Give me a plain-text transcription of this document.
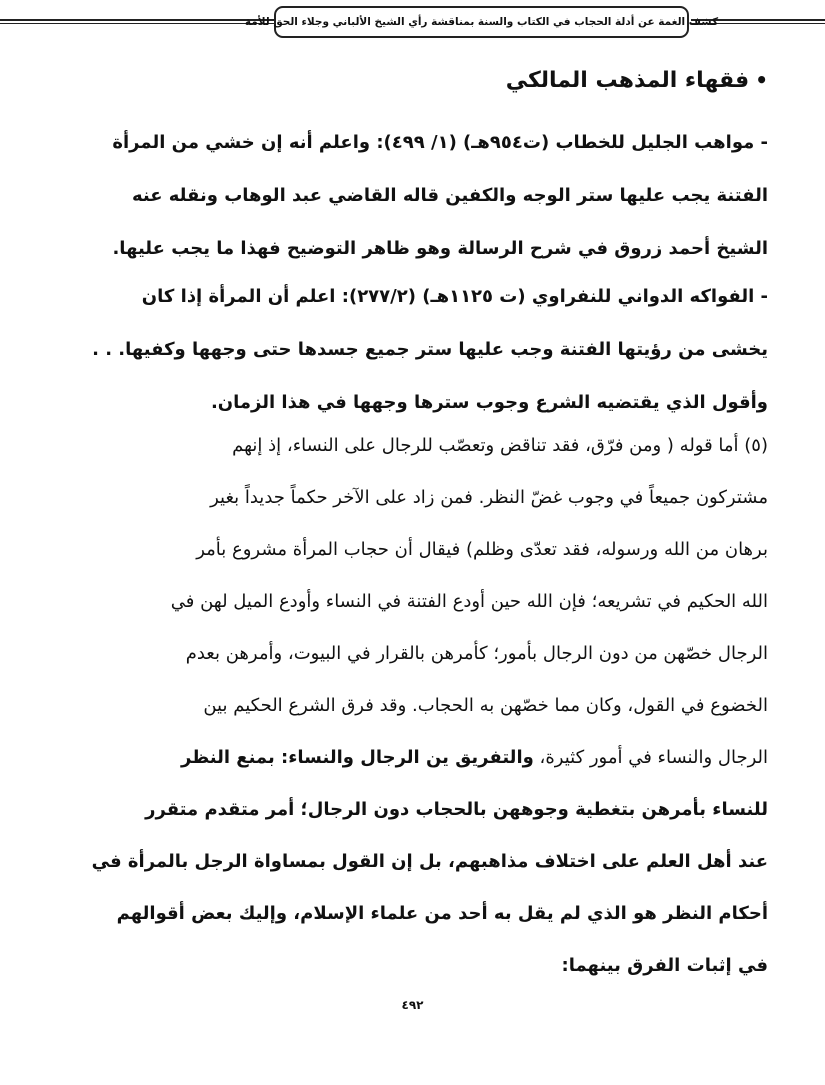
كشف الغمة عن أدلة الحجاب في الكتاب والسنة بمناقشة رأي الشيخ الألباني وجلاء الحق للأمة
•فقهاء المذهب المالكي
- مواهب الجليل للخطاب (ت٩٥٤هـ) (١/ ٤٩٩): واعلم أنه إن خشي من المرأة
الفتنة يجب عليها ستر الوجه والكفين قاله القاضي عبد الوهاب ونقله عنه
الشيخ أحمد زروق في شرح الرسالة وهو ظاهر التوضيح فهذا ما يجب عليها.
- الفواكه الدواني للنفراوي (ت ١١٢٥هـ) (٢٧٧/٢): اعلم أن المرأة إذا كان
يخشى من رؤيتها الفتنة وجب عليها ستر جميع جسدها حتى وجهها وكفيها. . .
وأقول الذي يقتضيه الشرع وجوب سترها وجهها في هذا الزمان.
(٥) أما قوله ( ومن فرّق، فقد تناقض وتعصّب للرجال على النساء، إذ إنهم
مشتركون جميعاً في وجوب غضّ النظر. فمن زاد على الآخر حكماً جديداً بغير
برهان من الله ورسوله، فقد تعدّى وظلم) فيقال أن حجاب المرأة مشروع بأمر
الله الحكيم في تشريعه؛ فإن الله حين أودع الفتنة في النساء وأودع الميل لهن في
الرجال خصّهن من دون الرجال بأمور؛ كأمرهن بالقرار في البيوت، وأمرهن بعدم
الخضوع في القول، وكان مما خصّهن به الحجاب. وقد فرق الشرع الحكيم بين
الرجال والنساء في أمور كثيرة، والتفريق ين الرجال والنساء: بمنع النظر
للنساء بأمرهن بتغطية وجوههن بالحجاب دون الرجال؛ أمر متقدم متقرر
عند أهل العلم على اختلاف مذاهبهم، بل إن القول بمساواة الرجل بالمرأة في
أحكام النظر هو الذي لم يقل به أحد من علماء الإسلام، وإليك بعض أقوالهم
في إثبات الفرق بينهما:
٤٩٢
